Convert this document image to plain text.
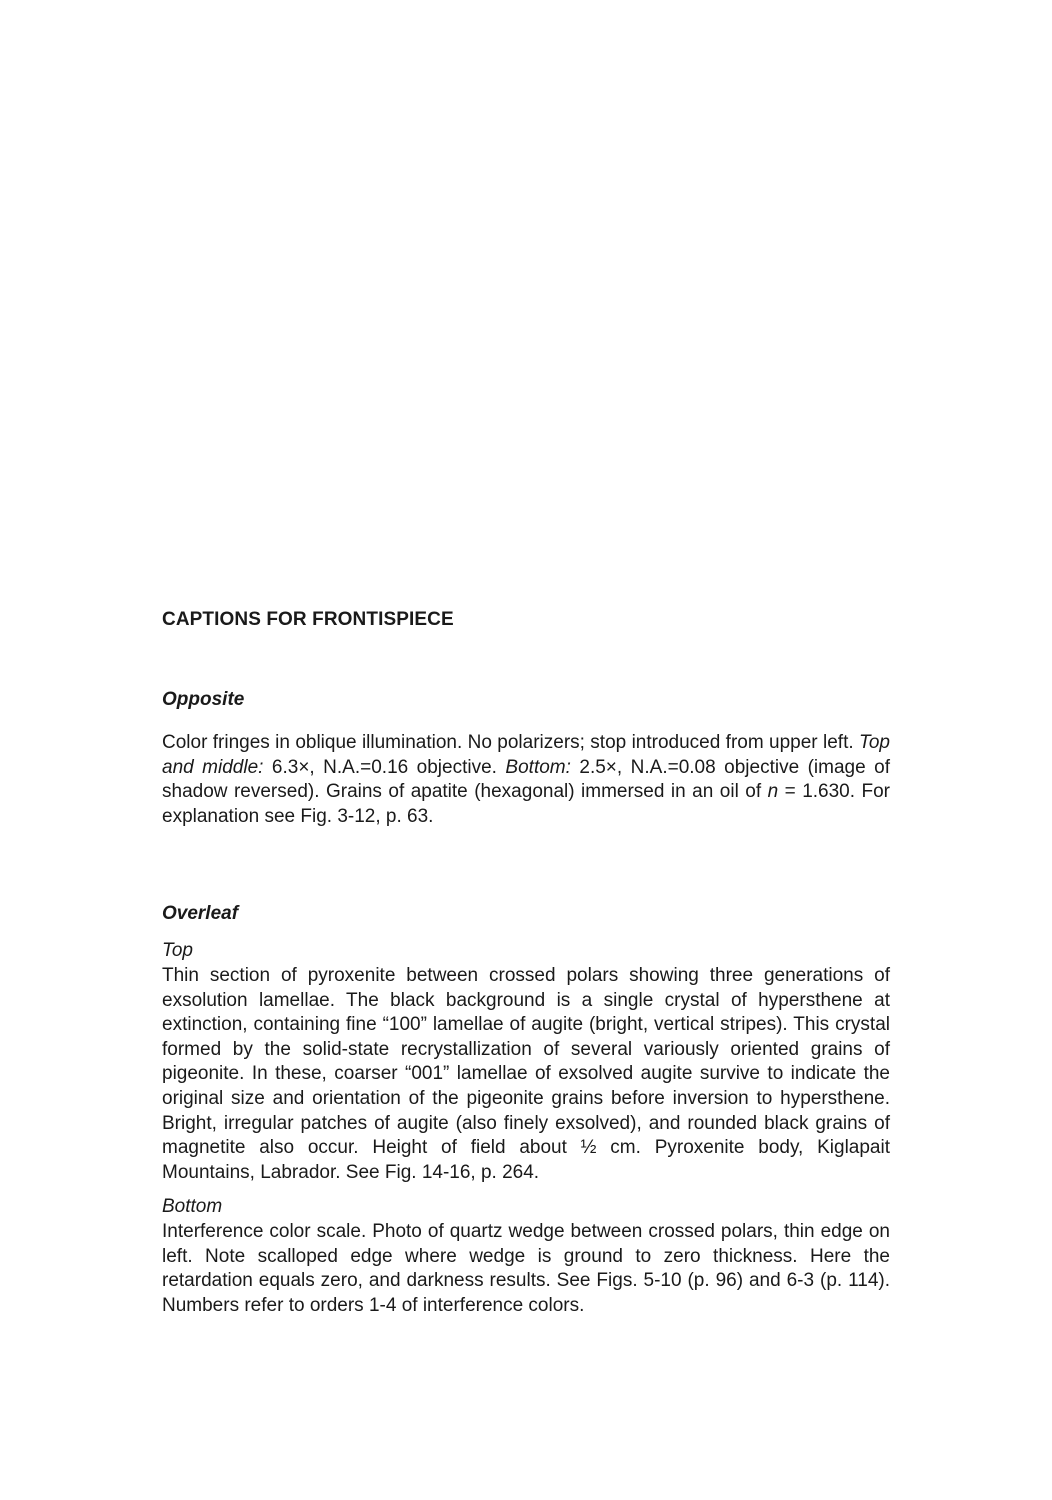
CAPTIONS FOR FRONTISPIECE
Opposite

Color fringes in oblique illumination. No polarizers; stop introduced from upper left. Top and middle: 6.3×, N.A.=0.16 objective. Bottom: 2.5×, N.A.=0.08 objective (image of shadow reversed). Grains of apatite (hexagonal) immersed in an oil of n = 1.630. For explanation see Fig. 3-12, p. 63.

Overleaf
Top

Thin section of pyroxenite between crossed polars showing three generations of exsolution lamellae. The black background is a single crystal of hypersthene at extinction, containing fine “100” lamellae of augite (bright, vertical stripes). This crystal formed by the solid-state recrystallization of several variously oriented grains of pigeonite. In these, coarser “001” lamellae of exsolved augite survive to indicate the original size and orientation of the pigeonite grains before inversion to hypersthene. Bright, irregular patches of augite (also finely exsolved), and rounded black grains of magnetite also occur. Height of field about ½ cm. Pyroxenite body, Kiglapait Mountains, Labrador. See Fig. 14-16, p. 264.

Bottom

Interference color scale. Photo of quartz wedge between crossed polars, thin edge on left. Note scalloped edge where wedge is ground to zero thickness. Here the retardation equals zero, and darkness results. See Figs. 5-10 (p. 96) and 6-3 (p. 114). Numbers refer to orders 1-4 of interference colors.
